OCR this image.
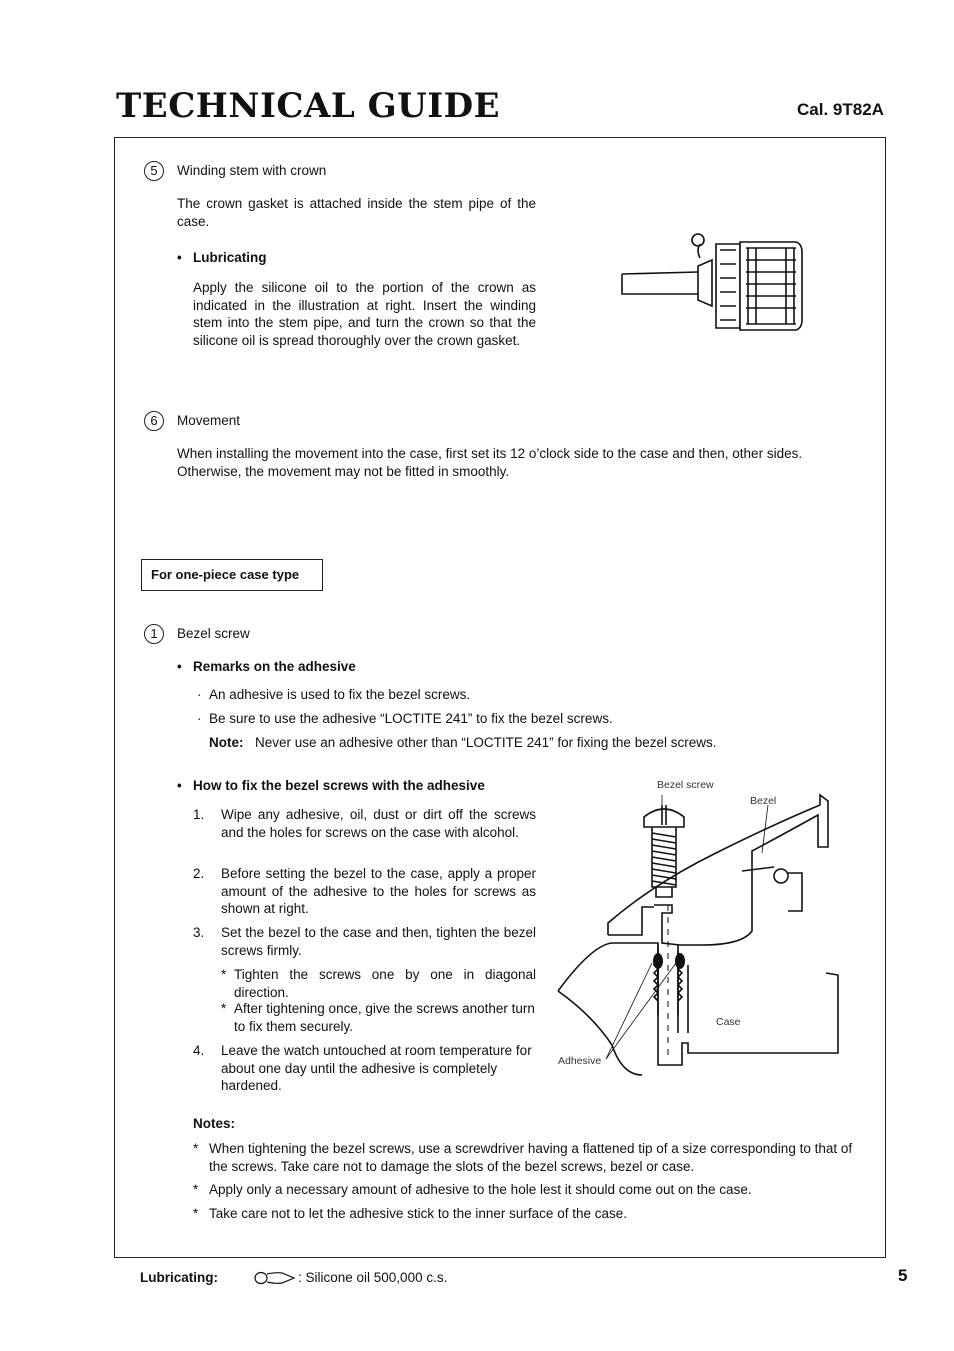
TECHNICAL GUIDE	Cal. 9T82A
5	Winding stem with crown
The crown gasket is attached inside the stem pipe of the case.
• Lubricating
Apply the silicone oil to the portion of the crown as indicated in the illustration at right. Insert the winding stem into the stem pipe, and turn the crown so that the silicone oil is spread thoroughly over the crown gasket.
6	Movement
When installing the movement into the case, first set its 12 o’clock side to the case and then, other sides. Otherwise, the movement may not be fitted in smoothly.
For one-piece case type
1	Bezel screw
• Remarks on the adhesive
· An adhesive is used to fix the bezel screws.
· Be sure to use the adhesive “LOCTITE 241” to fix the bezel screws.
Note: Never use an adhesive other than “LOCTITE 241” for fixing the bezel screws.
• How to fix the bezel screws with the adhesive
1. Wipe any adhesive, oil, dust or dirt off the screws and the holes for screws on the case with alcohol.
2. Before setting the bezel to the case, apply a proper amount of the adhesive to the holes for screws as shown at right.
3. Set the bezel to the case and then, tighten the bezel screws firmly.
* Tighten the screws one by one in diagonal direction.
* After tightening once, give the screws another turn to fix them securely.
4. Leave the watch untouched at room temperature for about one day until the adhesive is completely hardened.
Bezel screw
Bezel
Case
Adhesive
Notes:
* When tightening the bezel screws, use a screwdriver having a flattened tip of a size corresponding to that of the screws. Take care not to damage the slots of the bezel screws, bezel or case.
* Apply only a necessary amount of adhesive to the hole lest it should come out on the case.
* Take care not to let the adhesive stick to the inner surface of the case.
Lubricating:	: Silicone oil 500,000 c.s.	5
